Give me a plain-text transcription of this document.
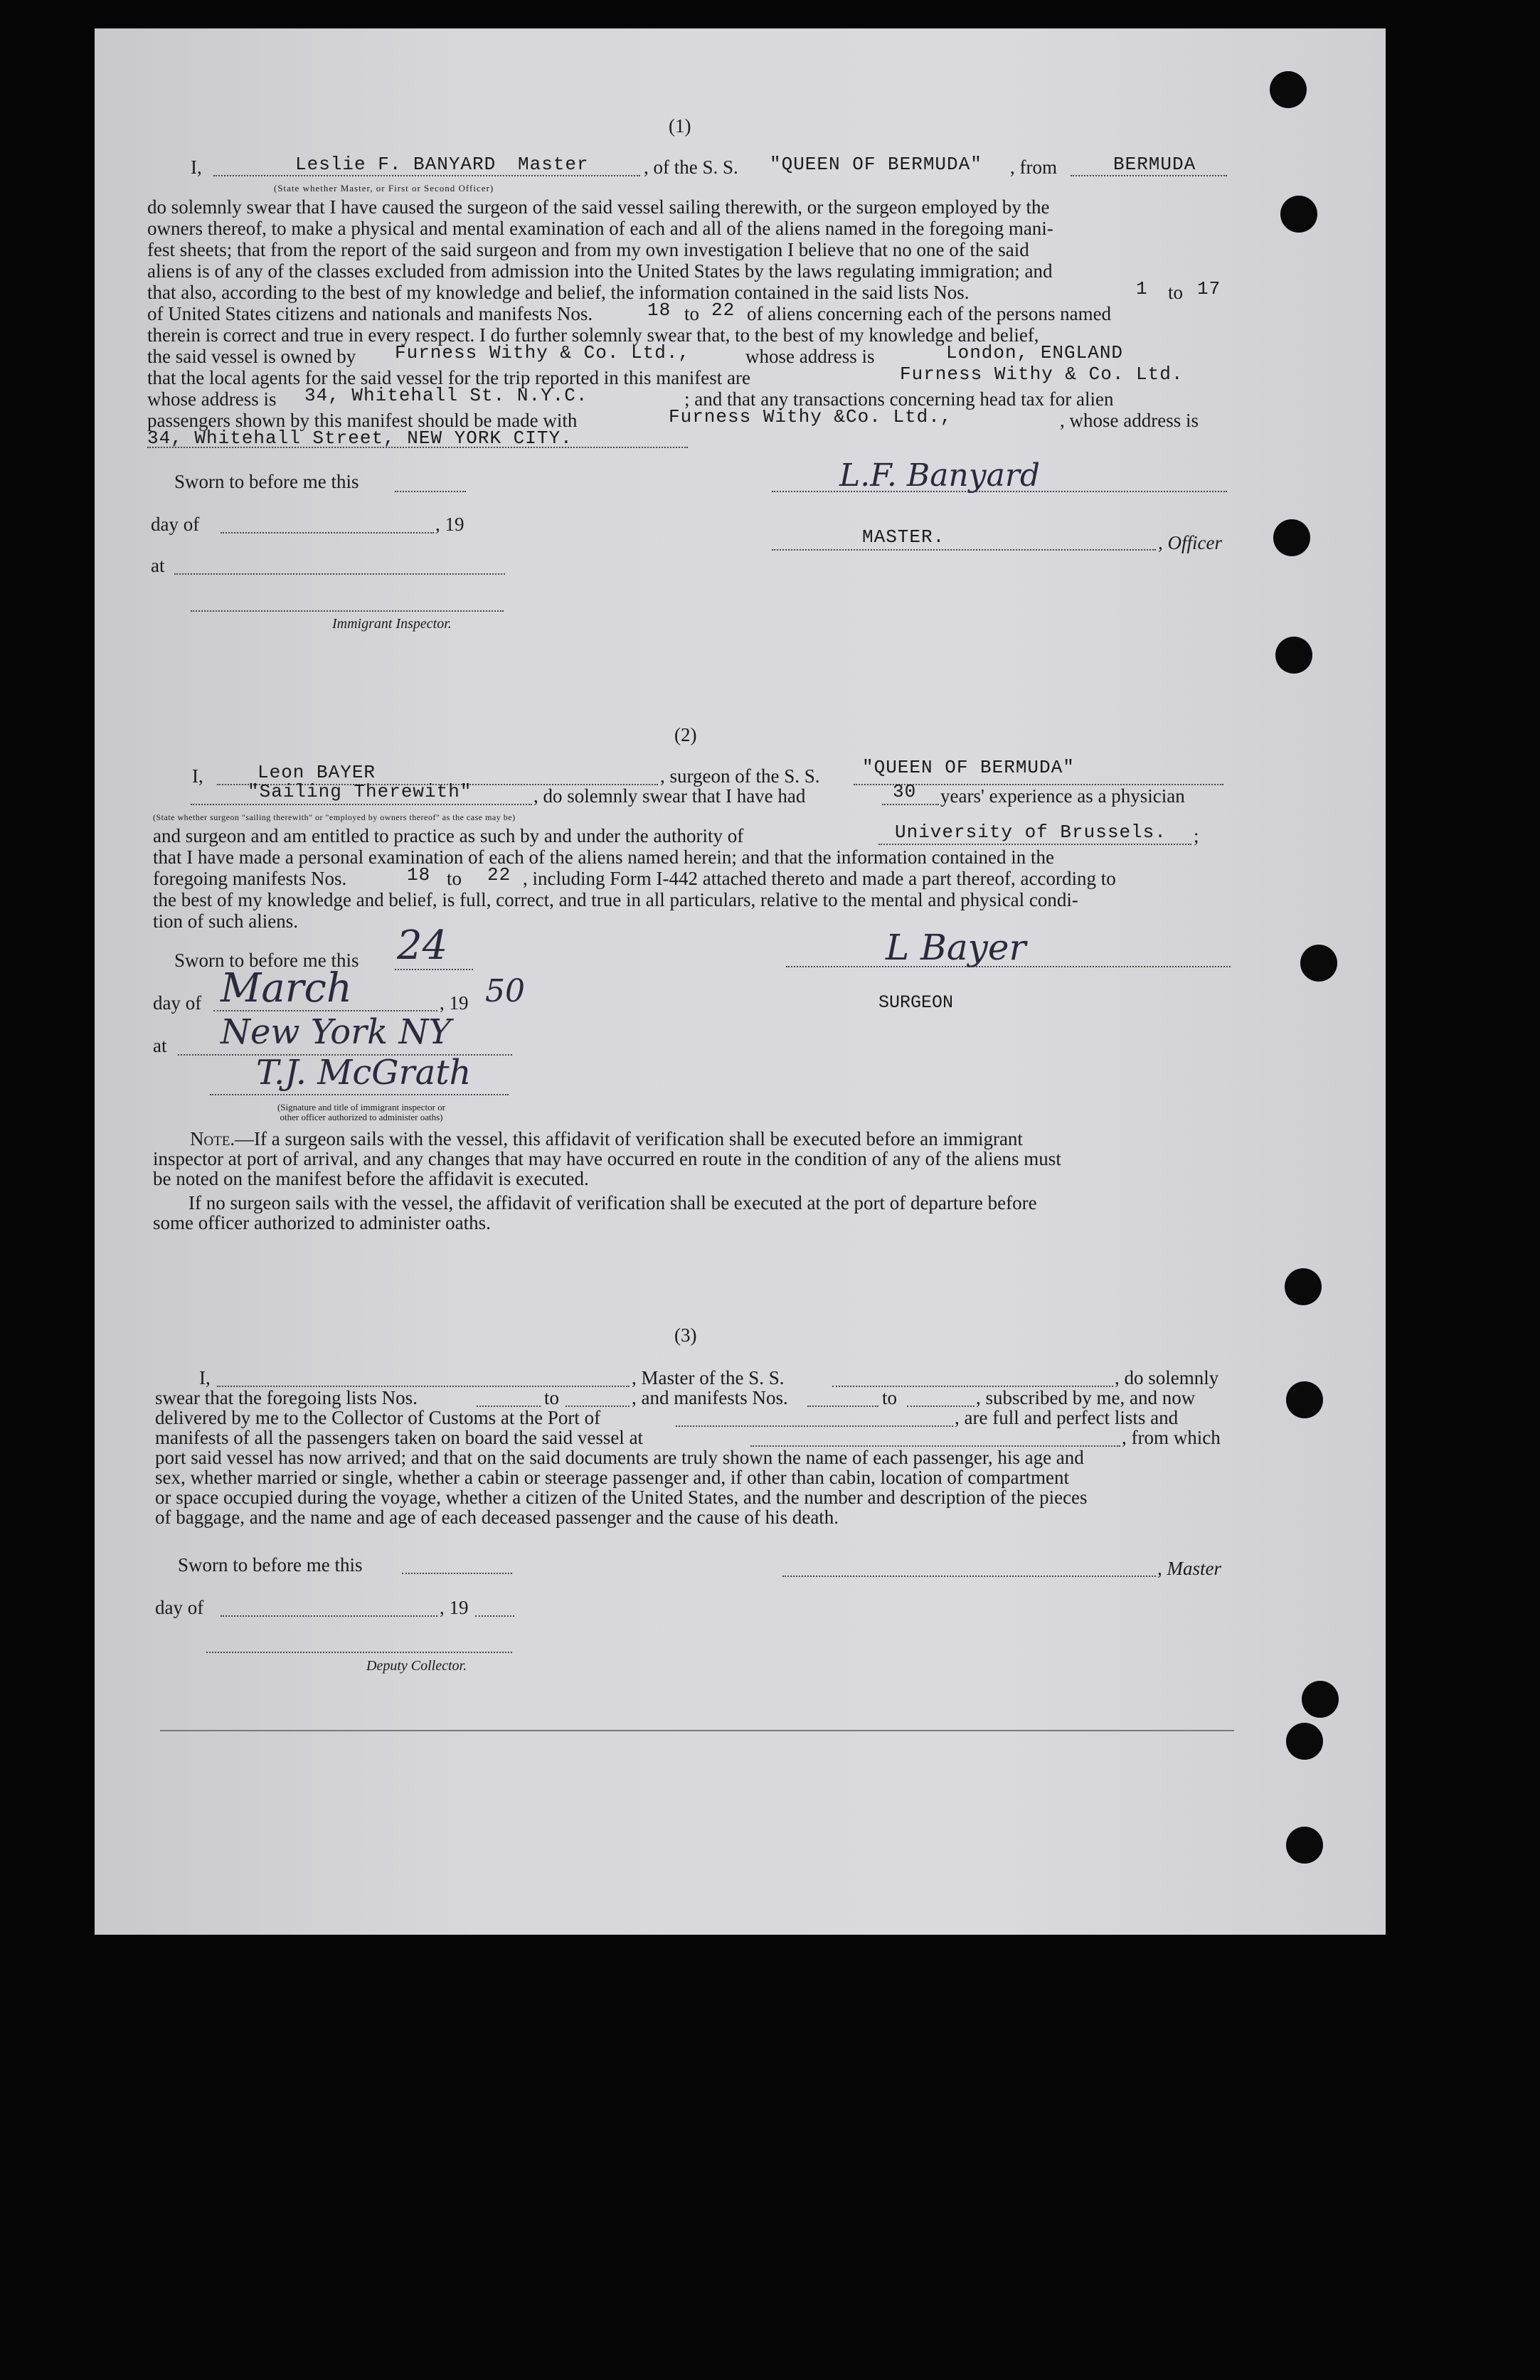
(1)
I,	Leslie F. BANYARD Master	, of the S. S. "QUEEN OF BERMUDA" , from	BERMUDA
(State whether Master, or First or Second Officer)
do solemnly swear that I have caused the surgeon of the said vessel sailing therewith, or the surgeon employed by the
owners thereof, to make a physical and mental examination of each and all of the aliens named in the foregoing mani-
fest sheets; that from the report of the said surgeon and from my own investigation I believe that no one of the said
aliens is of any of the classes excluded from admission into the United States by the laws regulating immigration; and
that also, according to the best of my knowledge and belief, the information contained in the said lists Nos.	1 to 17
of United States citizens and nationals and manifests Nos.	18 to 22 of aliens concerning each of the persons named
therein is correct and true in every respect. I do further solemnly swear that, to the best of my knowledge and belief,
the said vessel is owned by Furness Withy & Co. Ltd.,	whose address is	London, ENGLAND
that the local agents for the said vessel for the trip reported in this manifest are	Furness Withy & Co. Ltd.
whose address is 34, Whitehall St. N.Y.C.	; and that any transactions concerning head tax for alien
passengers shown by this manifest should be made with	Furness Withy &Co. Ltd.,	, whose address is
34, Whitehall Street, NEW YORK CITY.
Sworn to before me this	L.F. Banyard
day of	, 19
MASTER.	, Officer
at
Immigrant Inspector.
(2)
I,	Leon BAYER	, surgeon of the S. S. "QUEEN OF BERMUDA"
"Sailing Therewith"	, do solemnly swear that I have had	30 years' experience as a physician
(State whether surgeon "sailing therewith" or "employed by owners thereof" as the case may be)
and surgeon and am entitled to practice as such by and under the authority of	University of Brussels. ;
that I have made a personal examination of each of the aliens named herein; and that the information contained in the
foregoing manifests Nos.	18 to 22 , including Form I-442 attached thereto and made a part thereof, according to
the best of my knowledge and belief, is full, correct, and true in all particulars, relative to the mental and physical condi-
tion of such aliens.
Sworn to before me this 24	L Bayer
day of March	, 19 50	SURGEON
at New York NY
T.J. McGrath
(Signature and title of immigrant inspector or
other officer authorized to administer oaths)
Note. —If a surgeon sails with the vessel, this affidavit of verification shall be executed before an immigrant
inspector at port of arrival, and any changes that may have occurred en route in the condition of any of the aliens must
be noted on the manifest before the affidavit is executed.
If no surgeon sails with the vessel, the affidavit of verification shall be executed at the port of departure before
some officer authorized to administer oaths.
(3)
I,	, Master of the S. S.	, do solemnly
swear that the foregoing lists Nos.	to	, and manifests Nos.	to	, subscribed by me, and now
delivered by me to the Collector of Customs at the Port of	, are full and perfect lists and
manifests of all the passengers taken on board the said vessel at	, from which
port said vessel has now arrived; and that on the said documents are truly shown the name of each passenger, his age and
sex, whether married or single, whether a cabin or steerage passenger and, if other than cabin, location of compartment
or space occupied during the voyage, whether a citizen of the United States, and the number and description of the pieces
of baggage, and the name and age of each deceased passenger and the cause of his death.
Sworn to before me this	, Master
day of	, 19
Deputy Collector.
